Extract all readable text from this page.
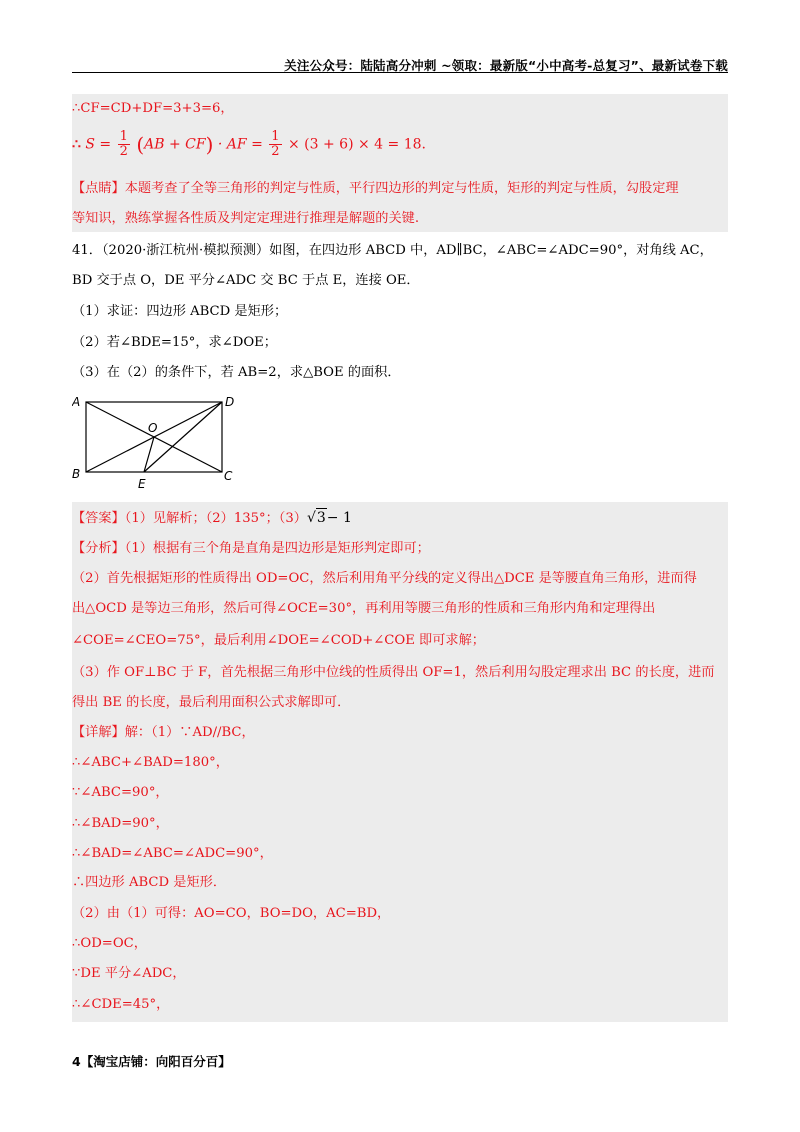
关注公众号：陆陆高分冲刺 ~领取：最新版“小中高考-总复习”、最新试卷下载
∴CF=CD+DF=3+3=6，
∴ $S = \frac{1}{2} (AB + CF)$ · AF = $\frac{1}{2} \times (3 + 6) \times 4 = 18$.
【点睛】本题考查了全等三角形的判定与性质，平行四边形的判定与性质，矩形的判定与性质，勾股定理
等知识，熟练掌握各性质及判定定理进行推理是解题的关键.
41．（2020·浙江杭州·模拟预测）如图，在四边形 ABCD 中，AD∥BC，∠ABC=∠ADC=90°，对角线 AC，
BD 交于点 O，DE 平分∠ADC 交 BC 于点 E，连接 OE．
（1）求证：四边形 ABCD 是矩形；
（2）若∠BDE=15°，求∠DOE；
（3）在（2）的条件下，若 AB=2，求△BOE 的面积．
A	D
B	C
O
E
【答案】（1）见解析；（2）135°；（3） √ 3 − 1
【分析】（1）根据有三个角是直角是四边形是矩形判定即可；
（2）首先根据矩形的性质得出 OD=OC，然后利用角平分线的定义得出△DCE 是等腰直角三角形，进而得
出△OCD 是等边三角形，然后可得∠OCE=30°，再利用等腰三角形的性质和三角形内角和定理得出
∠COE=∠CEO=75°，最后利用∠DOE=∠COD+∠COE 即可求解；
（3）作 OF⊥BC 于 F，首先根据三角形中位线的性质得出 OF=1，然后利用勾股定理求出 BC 的长度，进而
得出 BE 的长度，最后利用面积公式求解即可．
【详解】解：（1）∵AD//BC，
∴∠ABC+∠BAD=180°，
∵∠ABC=90°，
∴∠BAD=90°，
∴∠BAD=∠ABC=∠ADC=90°，
∴四边形 ABCD 是矩形．
（2）由（1）可得：AO=CO，BO=DO，AC=BD，
∴OD=OC，
∵DE 平分∠ADC，
∴∠CDE=45°，
4【淘宝店铺：向阳百分百】
